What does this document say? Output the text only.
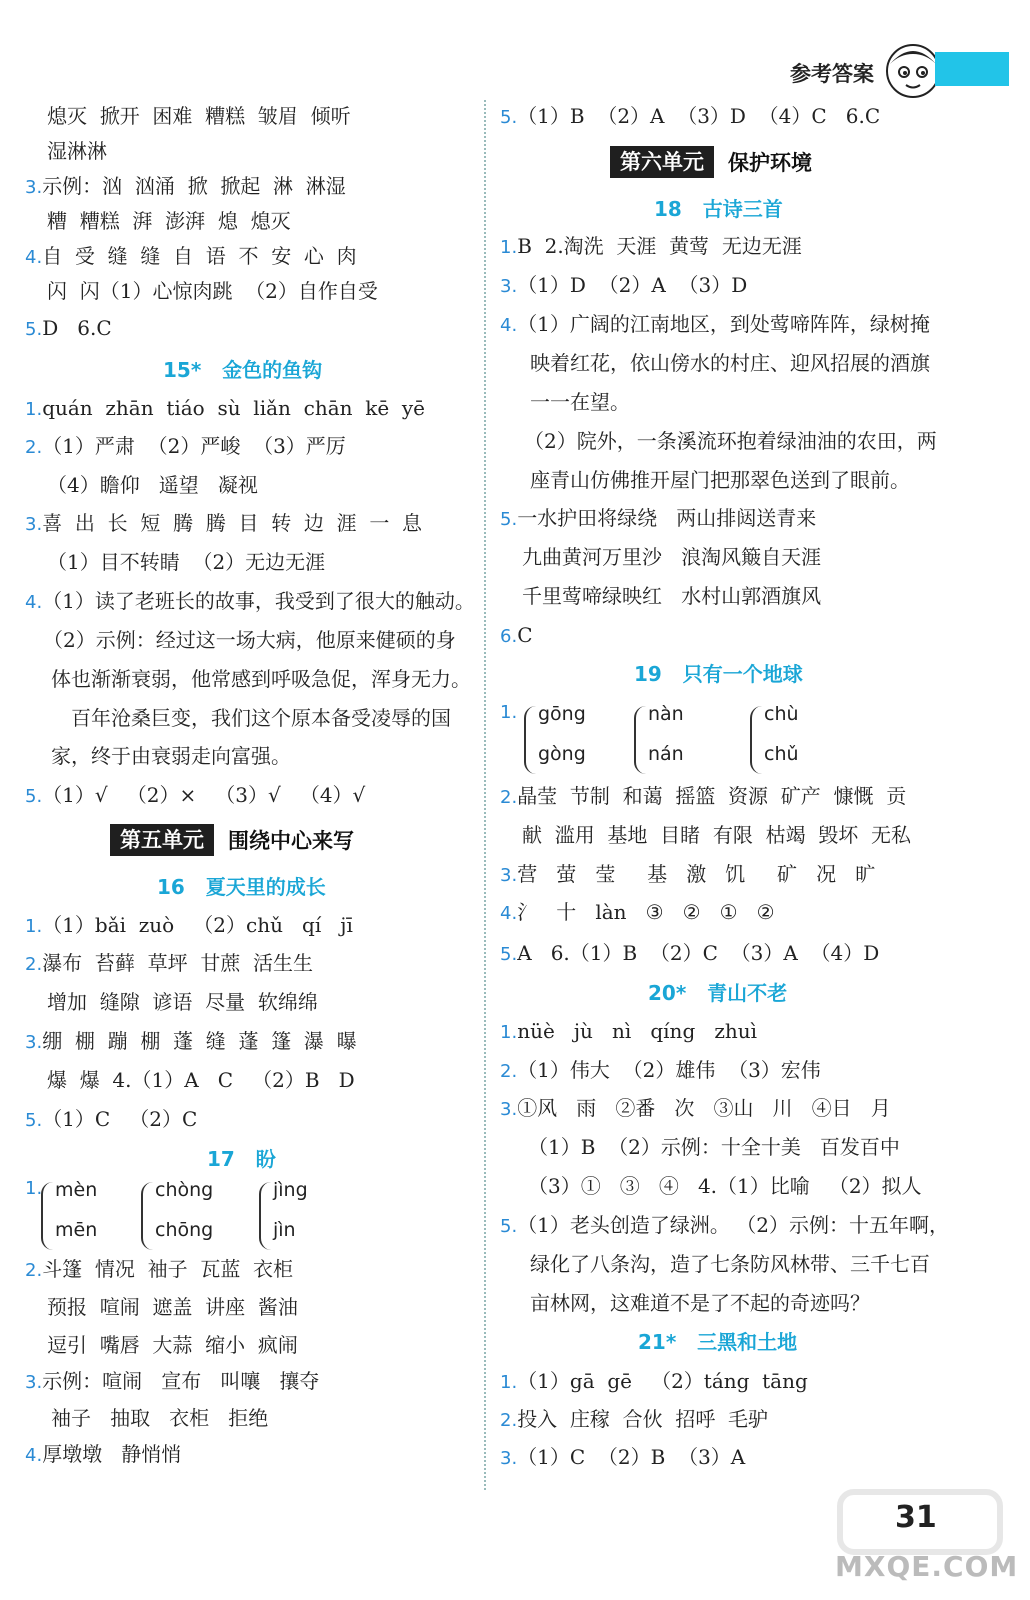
参考答案
熄灭  掀开  困难  糟糕  皱眉  倾听
湿淋淋
3.示例：汹  汹涌  掀  掀起  淋  淋湿
糟  糟糕  湃  澎湃  熄  熄灭
4.自  受  缝  缝  自  语  不  安  心  肉
闪  闪（1）心惊肉跳  （2）自作自受
5.D   6.C
15*   金色的鱼钩
1.quán  zhān  tiáo  sù  liǎn  chān  kē  yē
2.（1）严肃  （2）严峻  （3）严厉
（4）瞻仰   遥望   凝视
3.喜  出  长  短  腾  腾  目  转  边  涯  一  息
（1）目不转睛  （2）无边无涯
4.（1）读了老班长的故事，我受到了很大的触动。
（2）示例：经过这一场大病，他原来健硕的身
体也渐渐衰弱，他常感到呼吸急促，浑身无力。
百年沧桑巨变，我们这个原本备受凌辱的国
家，终于由衰弱走向富强。
5.（1）√   （2）×   （3）√   （4）√
第五单元	围绕中心来写
16   夏天里的成长
1.（1）bǎi  zuò   （2）chǔ   qí   jī
2.瀑布  苔藓  草坪  甘蔗  活生生
增加  缝隙  谚语  尽量  软绵绵
3.绷  棚  蹦  棚  蓬  缝  蓬  篷  瀑  曝
爆  爆  4.（1）A   C   （2）B   D
5.（1）C   （2）C
17   盼
2.斗篷  情况  袖子  瓦蓝  衣柜
预报  喧闹  遮盖  讲座  酱油
逗引  嘴唇  大蒜  缩小  疯闹
3.示例：喧闹   宣布   叫嚷   攘夺
袖子   抽取   衣柜   拒绝
4.厚墩墩   静悄悄
1. mèn
mēn
chòng
chōng
jìng
jìn
5.（1）B  （2）A  （3）D  （4）C   6.C
第六单元	保护环境
18   古诗三首
1.B  2.淘洗  天涯  黄莺  无边无涯
3.（1）D  （2）A  （3）D
4.（1）广阔的江南地区，到处莺啼阵阵，绿树掩
映着红花，依山傍水的村庄、迎风招展的酒旗
一一在望。
（2）院外，一条溪流环抱着绿油油的农田，两
座青山仿佛推开屋门把那翠色送到了眼前。
5.一水护田将绿绕   两山排闼送青来
九曲黄河万里沙   浪淘风簸自天涯
千里莺啼绿映红   水村山郭酒旗风
6.C
19   只有一个地球
2.晶莹  节制  和蔼  摇篮  资源  矿产  慷慨  贡
献  滥用  基地  目睹  有限  枯竭  毁坏  无私
3.营   萤   莹     基   激   饥     矿   况   旷
4.氵   十   làn   ③   ②   ①   ②
5.A   6.（1）B  （2）C  （3）A  （4）D
20*   青山不老
1.nüè   jù   nì   qíng   zhuì
2.（1）伟大  （2）雄伟  （3）宏伟
3.①风   雨   ②番   次   ③山   川   ④日   月
（1）B  （2）示例：十全十美   百发百中
（3）①   ③   ④   4.（1）比喻   （2）拟人
5.（1）老头创造了绿洲。 （2）示例：十五年啊，
绿化了八条沟，造了七条防风林带、三千七百
亩林网，这难道不是了不起的奇迹吗？
21*   三黑和土地
1.（1）gā  gē   （2）táng  tāng
2.投入  庄稼  合伙  招呼  毛驴
3.（1）C  （2）B  （3）A
1. gōng
gòng
nàn
nán
chù
chǔ
31
MXQE.COM
